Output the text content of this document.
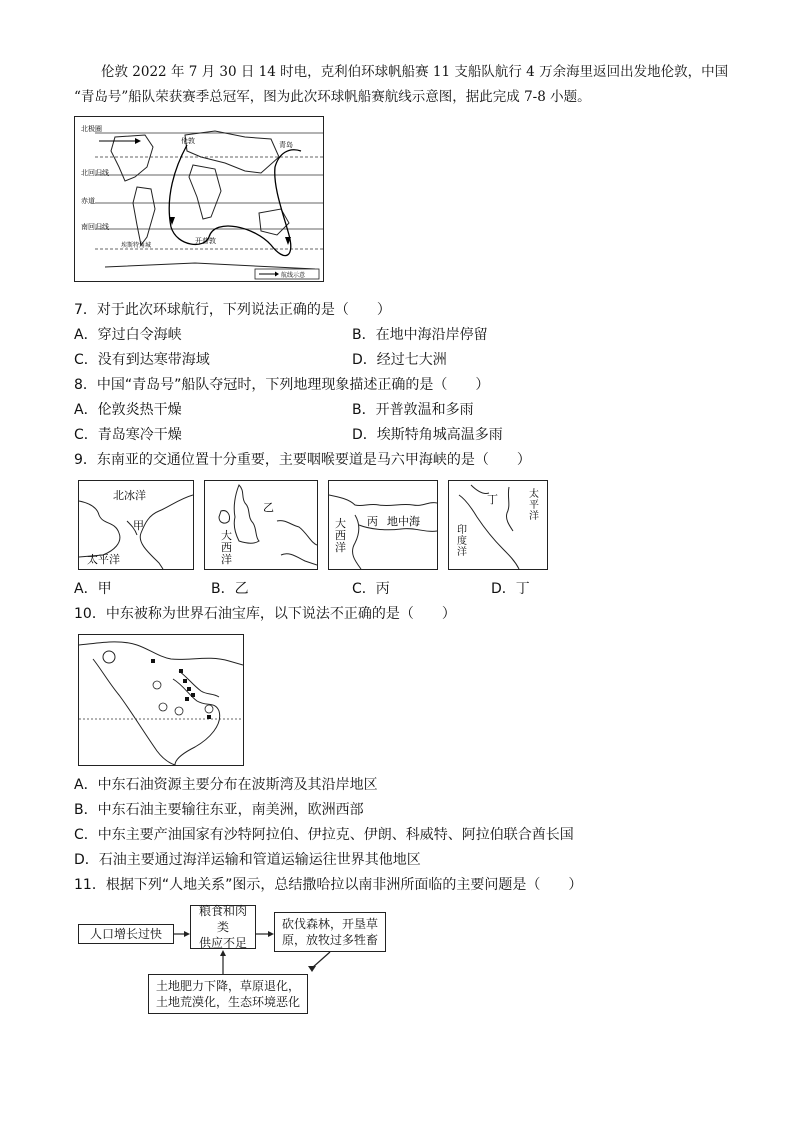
伦敦 2022 年 7 月 30 日 14 时电，克利伯环球帆船赛 11 支船队航行 4 万余海里返回出发地伦敦，中国
“青岛号”船队荣获赛季总冠军，图为此次环球帆船赛航线示意图，据此完成 7-8 小题。
北极圈
北回归线
赤道
南回归线
伦敦
埃斯特角城
开普敦
青岛
航线示意
7．对于此次环球航行，下列说法正确的是（　　）
A．穿过白令海峡	B．在地中海沿岸停留
C．没有到达寒带海域	D．经过七大洲
8．中国“青岛号”船队夺冠时，下列地理现象描述正确的是（　　）
A．伦敦炎热干燥	B．开普敦温和多雨
C．青岛寒冷干燥	D．埃斯特角城高温多雨
9．东南亚的交通位置十分重要，主要咽喉要道是马六甲海峡的是（　　）
北冰洋
太平洋
甲
乙
大
西
洋
大
西
洋
丙 地中海
丁	太
平
洋
印
度
洋
A．甲	B．乙	C．丙	D．丁
10．中东被称为世界石油宝库，以下说法不正确的是（　　）
A．中东石油资源主要分布在波斯湾及其沿岸地区
B．中东石油主要输往东亚，南美洲，欧洲西部
C．中东主要产油国家有沙特阿拉伯、伊拉克、伊朗、科威特、阿拉伯联合酋长国
D．石油主要通过海洋运输和管道运输运往世界其他地区
11．根据下列“人地关系”图示，总结撒哈拉以南非洲所面临的主要问题是（　　）
人口增长过快
粮食和肉类
供应不足
砍伐森林，开垦草
原，放牧过多牲畜
土地肥力下降，草原退化，
土地荒漠化，生态环境恶化
